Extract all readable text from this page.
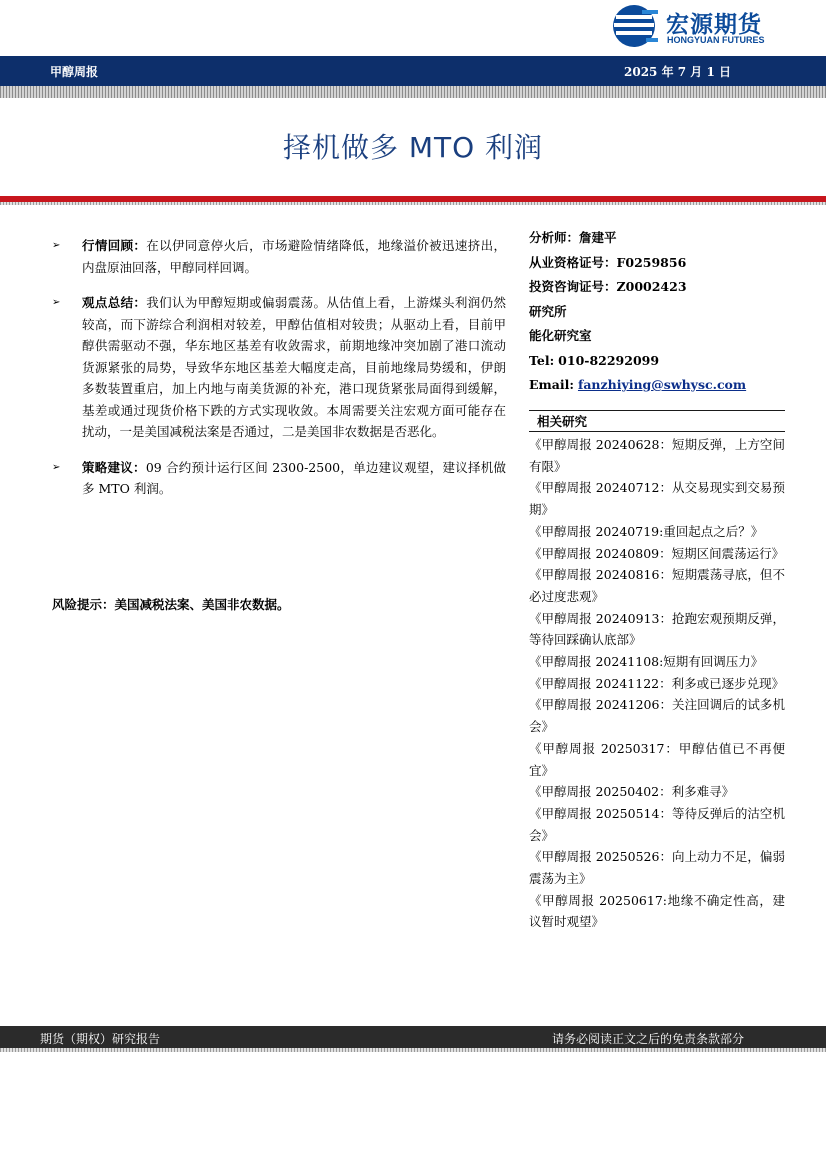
宏源期货
HONGYUAN FUTURES
甲醇周报	2025 年 7 月 1 日
择机做多 MTO 利润
➢ 行情回顾：在以伊同意停火后，市场避险情绪降低，地缘溢价被迅速挤出，内盘原油回落，甲醇同样回调。
➢ 观点总结：我们认为甲醇短期或偏弱震荡。从估值上看，上游煤头利润仍然较高，而下游综合利润相对较差，甲醇估值相对较贵；从驱动上看，目前甲醇供需驱动不强，华东地区基差有收敛需求，前期地缘冲突加剧了港口流动货源紧张的局势，导致华东地区基差大幅度走高，目前地缘局势缓和，伊朗多数装置重启，加上内地与南美货源的补充，港口现货紧张局面得到缓解，基差或通过现货价格下跌的方式实现收敛。本周需要关注宏观方面可能存在扰动，一是美国减税法案是否通过，二是美国非农数据是否恶化。
➢ 策略建议：09 合约预计运行区间 2300-2500，单边建议观望，建议择机做多 MTO 利润。
风险提示：美国减税法案、美国非农数据。
分析师：詹建平
从业资格证号：F0259856
投资咨询证号：Z0002423
研究所
能化研究室
Tel: 010-82292099
Email: fanzhiying@swhysc.com
相关研究
《甲醇周报 20240628：短期反弹，上方空间有限》
《甲醇周报 20240712：从交易现实到交易预期》
《甲醇周报 20240719:重回起点之后？》
《甲醇周报 20240809：短期区间震荡运行》
《甲醇周报 20240816：短期震荡寻底，但不必过度悲观》
《甲醇周报 20240913：抢跑宏观预期反弹，等待回踩确认底部》
《甲醇周报 20241108:短期有回调压力》
《甲醇周报 20241122：利多或已逐步兑现》
《甲醇周报 20241206：关注回调后的试多机会》
《甲醇周报 20250317：甲醇估值已不再便宜》
《甲醇周报 20250402：利多难寻》
《甲醇周报 20250514：等待反弹后的沽空机会》
《甲醇周报 20250526：向上动力不足，偏弱震荡为主》
《甲醇周报 20250617:地缘不确定性高，建议暂时观望》
期货（期权）研究报告	请务必阅读正文之后的免责条款部分
